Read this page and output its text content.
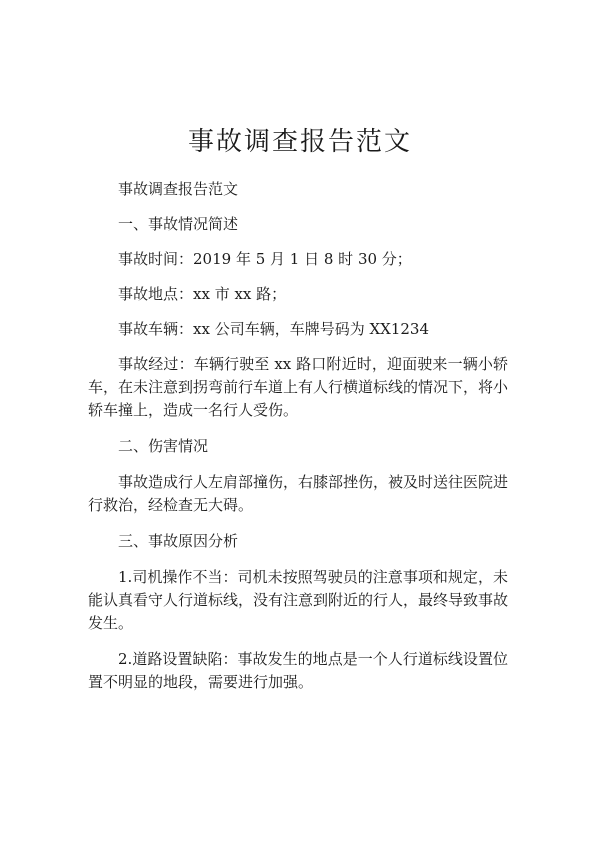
事故调查报告范文

事故调查报告范文

一、事故情况简述

事故时间：2019 年 5 月 1 日 8 时 30 分；

事故地点：xx 市 xx 路；

事故车辆：xx 公司车辆，车牌号码为 XX1234

事故经过：车辆行驶至 xx 路口附近时，迎面驶来一辆小轿车，在未注意到拐弯前行车道上有人行横道标线的情况下，将小轿车撞上，造成一名行人受伤。

二、伤害情况

事故造成行人左肩部撞伤，右膝部挫伤，被及时送往医院进行救治，经检查无大碍。

三、事故原因分析

1.司机操作不当：司机未按照驾驶员的注意事项和规定，未能认真看守人行道标线，没有注意到附近的行人，最终导致事故发生。

2.道路设置缺陷：事故发生的地点是一个人行道标线设置位置不明显的地段，需要进行加强。
